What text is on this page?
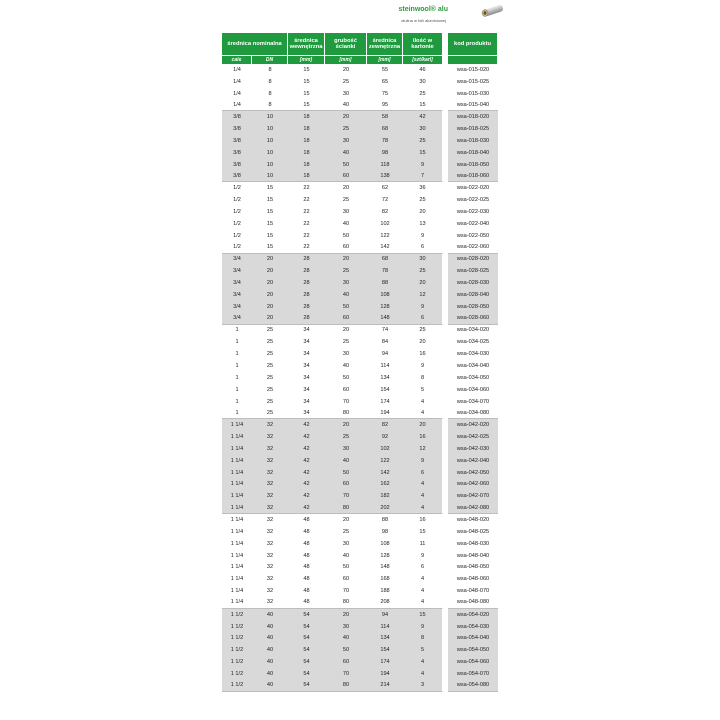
steinwool® alu
otulina w folii aluminiowej
średnica nominalna
średnica wewnętrzna
grubość ścianki
średnica zewnętrzna
ilość w kartonie
kod produktu
cale	DN	[mm]	[mm]	[mm]	[szt/karl]
1/4	8	15	20	55	46	wsa-015-020
1/4	8	15	25	65	30	wsa-015-025
1/4	8	15	30	75	25	wsa-015-030
1/4	8	15	40	95	15	wsa-015-040
3/8	10	18	20	58	42	wsa-018-020
3/8	10	18	25	68	30	wsa-018-025
3/8	10	18	30	78	25	wsa-018-030
3/8	10	18	40	98	15	wsa-018-040
3/8	10	18	50	118	9	wsa-018-050
3/8	10	18	60	138	7	wsa-018-060
1/2	15	22	20	62	36	wsa-022-020
1/2	15	22	25	72	25	wsa-022-025
1/2	15	22	30	82	20	wsa-022-030
1/2	15	22	40	102	13	wsa-022-040
1/2	15	22	50	122	9	wsa-022-050
1/2	15	22	60	142	6	wsa-022-060
3/4	20	28	20	68	30	wsa-028-020
3/4	20	28	25	78	25	wsa-028-025
3/4	20	28	30	88	20	wsa-028-030
3/4	20	28	40	108	12	wsa-028-040
3/4	20	28	50	128	9	wsa-028-050
3/4	20	28	60	148	6	wsa-028-060
1	25	34	20	74	25	wsa-034-020
1	25	34	25	84	20	wsa-034-025
1	25	34	30	94	16	wsa-034-030
1	25	34	40	114	9	wsa-034-040
1	25	34	50	134	8	wsa-034-050
1	25	34	60	154	5	wsa-034-060
1	25	34	70	174	4	wsa-034-070
1	25	34	80	194	4	wsa-034-080
1 1/4	32	42	20	82	20	wsa-042-020
1 1/4	32	42	25	92	16	wsa-042-025
1 1/4	32	42	30	102	12	wsa-042-030
1 1/4	32	42	40	122	9	wsa-042-040
1 1/4	32	42	50	142	6	wsa-042-050
1 1/4	32	42	60	162	4	wsa-042-060
1 1/4	32	42	70	182	4	wsa-042-070
1 1/4	32	42	80	202	4	wsa-042-080
1 1/4	32	48	20	88	16	wsa-048-020
1 1/4	32	48	25	98	15	wsa-048-025
1 1/4	32	48	30	108	11	wsa-048-030
1 1/4	32	48	40	128	9	wsa-048-040
1 1/4	32	48	50	148	6	wsa-048-050
1 1/4	32	48	60	168	4	wsa-048-060
1 1/4	32	48	70	188	4	wsa-048-070
1 1/4	32	48	80	208	4	wsa-048-080
1 1/2	40	54	20	94	15	wsa-054-020
1 1/2	40	54	30	114	9	wsa-054-030
1 1/2	40	54	40	134	8	wsa-054-040
1 1/2	40	54	50	154	5	wsa-054-050
1 1/2	40	54	60	174	4	wsa-054-060
1 1/2	40	54	70	194	4	wsa-054-070
1 1/2	40	54	80	214	3	wsa-054-080
